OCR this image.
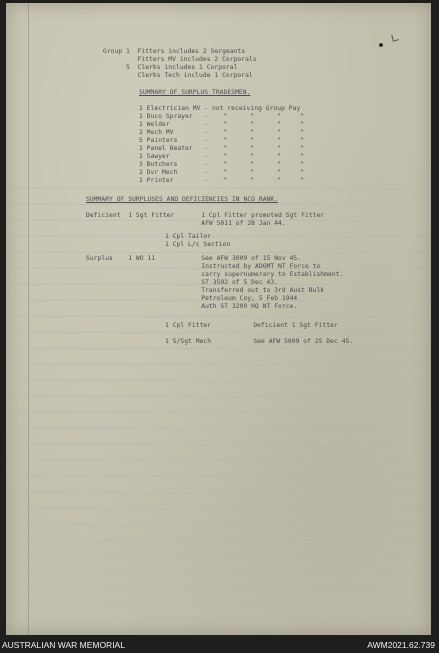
Group 1  Fitters includes 2 Sergeants

Fitters MV includes 2 Corporals

5  Clerks includes 1 Corporal

Clerks Tech include 1 Corporal

SUMMARY OF SURPLUS TRADESMEN.

1 Electrician MV - not receiving Group Pay

1 Duco Sprayer   -    "      "      "     "

1 Welder         -    "      "      "     "

2 Mech MV        -    "      "      "     "

5 Painters       -    "      "      "     "

1 Panel Beater   -    "      "      "     "

1 Sawyer         -    "      "      "     "

3 Butchers       -    "      "      "     "

2 Dvr Mech       -    "      "      "     "

1 Printer        -    "      "      "     "

SUMMARY OF SURPLUSES AND DEFICIENCIES IN NCO RANK.

Deficient  1 Sgt Fitter       1 Cpl Fitter promoted Sgt Fitter

AFW 5011 of 28 Jan 44.

1 Cpl Tailor

1 Cpl L/c Section

Surplus    1 WO 11            See AFW 3009 of 15 Nov 45.

Instructed by ADGMT NT Force to

carry supernumerary to Establishment.

ST 3592 of 5 Dec 43.

Transferred out to 3rd Aust Bulk

Petroleum Coy, 5 Feb 1944

Auth ST 3209 HQ NT Force.

1 Cpl Fitter           Deficient 1 Sgt Fitter

1 S/Sgt Mech           See AFW 5009 of 25 Dec 45.

AUSTRALIAN WAR MEMORIAL	AWM2021.62.739
